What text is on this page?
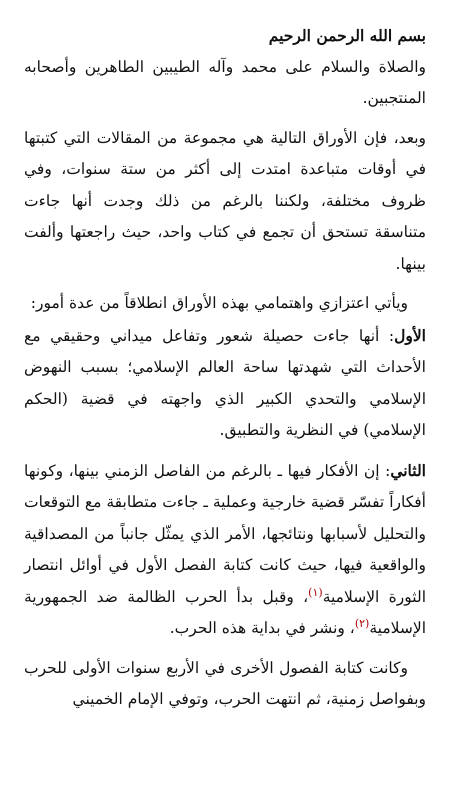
بسم الله الرحمن الرحيم

والصلاة والسلام على محمد وآله الطيبين الطاهرين وأصحابه المنتجبين.

وبعد، فإن الأوراق التالية هي مجموعة من المقالات التي كتبتها في أوقات متباعدة امتدت إلى أكثر من ستة سنوات، وفي ظروف مختلفة، ولكننا بالرغم من ذلك وجدت أنها جاءت متناسقة تستحق أن تجمع في كتاب واحد، حيث راجعتها وألفت بينها.

ويأتي اعتزازي واهتمامي بهذه الأوراق انطلاقاً من عدة أمور:

الأول: أنها جاءت حصيلة شعور وتفاعل ميداني وحقيقي مع الأحداث التي شهدتها ساحة العالم الإسلامي؛ بسبب النهوض الإسلامي والتحدي الكبير الذي واجهته في قضية (الحكم الإسلامي) في النظرية والتطبيق.

الثاني: إن الأفكار فيها ـ بالرغم من الفاصل الزمني بينها، وكونها أفكاراً تفسّر قضية خارجية وعملية ـ جاءت متطابقة مع التوقعات والتحليل لأسبابها ونتائجها، الأمر الذي يمثّل جانباً من المصداقية والواقعية فيها، حيث كانت كتابة الفصل الأول في أوائل انتصار الثورة الإسلامية$^{(١)}$، وقبل بدأ الحرب الظالمة ضد الجمهورية الإسلامية$^{(٢)}$، ونشر في بداية هذه الحرب.

وكانت كتابة الفصول الأخرى في الأربع سنوات الأولى للحرب وبفواصل زمنية، ثم انتهت الحرب، وتوفي الإمام الخميني
